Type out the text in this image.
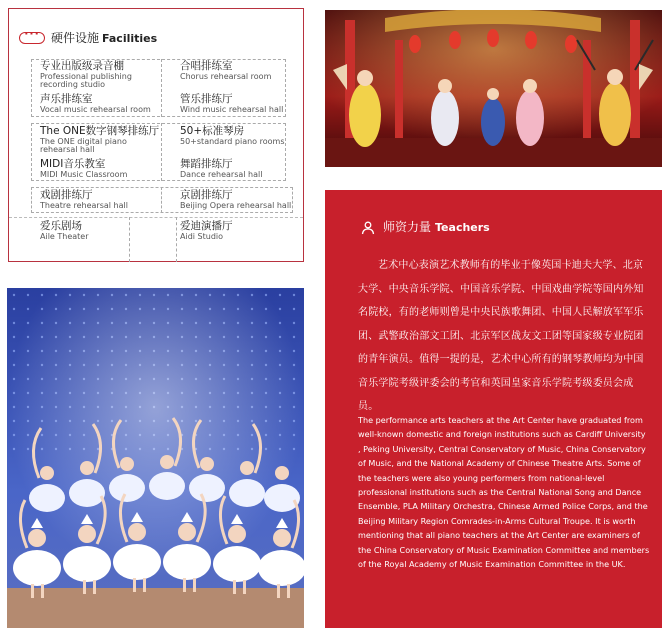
···
硬件设施 Facilities
专业出版级录音棚
Professional publishing recording studio
合唱排练室
Chorus rehearsal room
声乐排练室
Vocal music rehearsal room
管乐排练厅
Wind music rehearsal hall
The ONE数字钢琴排练厅
The ONE digital piano rehearsal hall
50+标准琴房
50+standard piano rooms
MIDI音乐教室
MIDI Music Classroom
舞蹈排练厅
Dance rehearsal hall
戏剧排练厅
Theatre rehearsal hall
京剧排练厅
Beijing Opera rehearsal hall
爱乐剧场
Aile Theater
爱迪演播厅
Aidi Studio
师资力量 Teachers
艺术中心表演艺术教师有的毕业于像英国卡迪夫大学、北京大学、中央音乐学院、中国音乐学院、中国戏曲学院等国内外知名院校，有的老师则曾是中央民族歌舞团、中国人民解放军军乐团、武警政治部文工团、北京军区战友文工团等国家级专业院团的青年演员。值得一提的是，艺术中心所有的钢琴教师均为中国音乐学院考级评委会的考官和英国皇家音乐学院考级委员会成员。
The performance arts teachers at the Art Center have graduated from well-known domestic and foreign institutions such as Cardiff University , Peking University, Central Conservatory of Music, China Conservatory of Music, and the National Academy of Chinese Theatre Arts. Some of the teachers were also young performers from national-level professional institutions such as the Central National Song and Dance Ensemble, PLA Military Orchestra, Chinese Armed Police Corps, and the Beijing Military Region Comrades-in-Arms Cultural Troupe. It is worth mentioning that all piano teachers at the Art Center are examiners of the China Conservatory of Music Examination Committee and members of the Royal Academy of Music Examination Committee in the UK.
